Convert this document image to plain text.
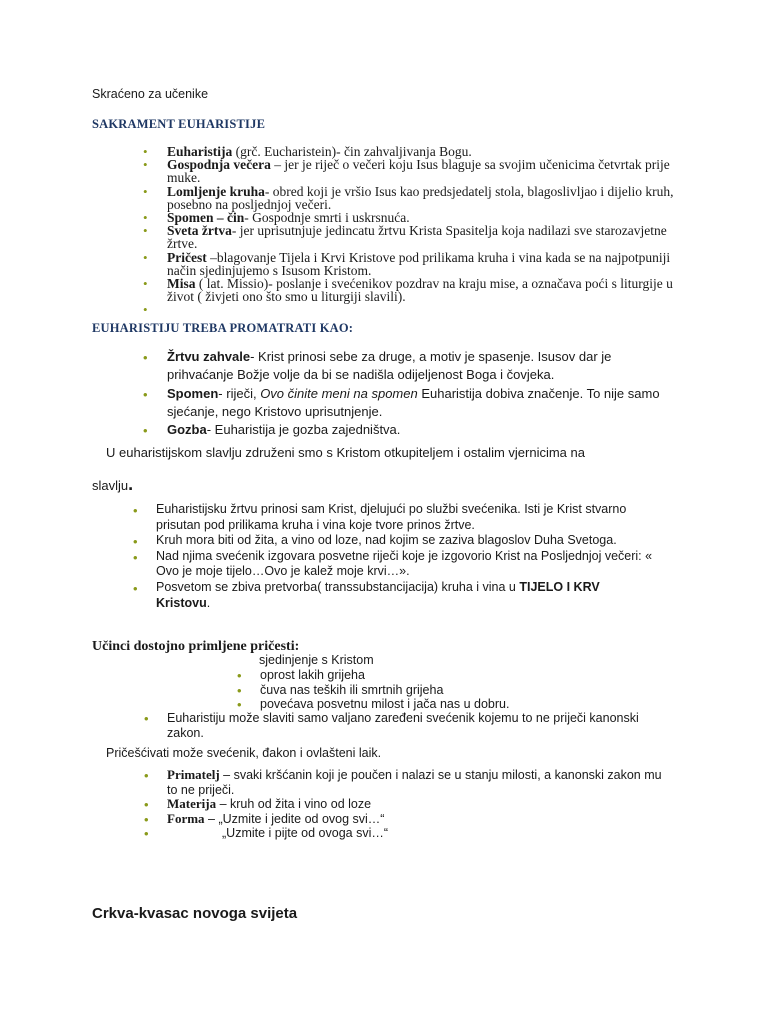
Skraćeno za učenike
SAKRAMENT EUHARISTIJE
• Euharistija (grč. Eucharistein)- čin zahvaljivanja Bogu.
• Gospodnja večera – jer je riječ o večeri koju Isus blaguje sa svojim učenicima četvrtak prije muke.
• Lomljenje kruha- obred koji je vršio Isus kao predsjedatelj stola, blagoslivljao i dijelio kruh, posebno na posljednjoj večeri.
• Spomen – čin- Gospodnje smrti i uskrsnuća.
• Sveta žrtva- jer uprisutnjuje jedincatu žrtvu Krista Spasitelja koja nadilazi sve starozavjetne žrtve.
• Pričest –blagovanje Tijela i Krvi Kristove pod prilikama kruha i vina kada se na najpotpuniji način sjedinjujemo s Isusom Kristom.
• Misa ( lat. Missio)- poslanje i svećenikov pozdrav na kraju mise, a označava poći s liturgije u život ( živjeti ono što smo u liturgiji slavili).
•
EUHARISTIJU TREBA PROMATRATI KAO:
• Žrtvu zahvale- Krist prinosi sebe za druge, a motiv je spasenje. Isusov dar je prihvaćanje Božje volje da bi se nadišla odijeljenost Boga i čovjeka.
• Spomen- riječi, Ovo činite meni na spomen Euharistija dobiva značenje. To nije samo sjećanje, nego Kristovo uprisutnjenje.
• Gozba- Euharistija je gozba zajedništva.
U euharistijskom slavlju združeni smo s Kristom otkupiteljem i ostalim vjernicima na
slavlju.
• Euharistijsku žrtvu prinosi sam Krist, djelujući po službi svećenika. Isti je Krist stvarno prisutan pod prilikama kruha i vina koje tvore prinos žrtve.
• Kruh mora biti od žita, a vino od loze, nad kojim se zaziva blagoslov Duha Svetoga.
• Nad njima svećenik izgovara posvetne riječi koje je izgovorio Krist na Posljednjoj večeri: « Ovo je moje tijelo…Ovo je kalež moje krvi…».
• Posvetom se zbiva pretvorba( transsubstancijacija) kruha i vina u TIJELO I KRV Kristovu.
Učinci dostojno primljene pričesti:
sjedinjenje s Kristom
• oprost lakih grijeha
• čuva nas teških ili smrtnih grijeha
• povećava posvetnu milost i jača nas u dobru.
• Euharistiju može slaviti samo valjano zaređeni svećenik kojemu to ne priječi kanonski zakon.
Pričešćivati može svećenik, đakon i ovlašteni laik.
• Primatelj – svaki kršćanin koji je poučen i nalazi se u stanju milosti, a kanonski zakon mu to ne priječi.
• Materija – kruh od žita i vino od loze
• Forma – „Uzmite i jedite od ovog svi…“
•	„Uzmite i pijte od ovoga svi…“
Crkva-kvasac novoga svijeta
